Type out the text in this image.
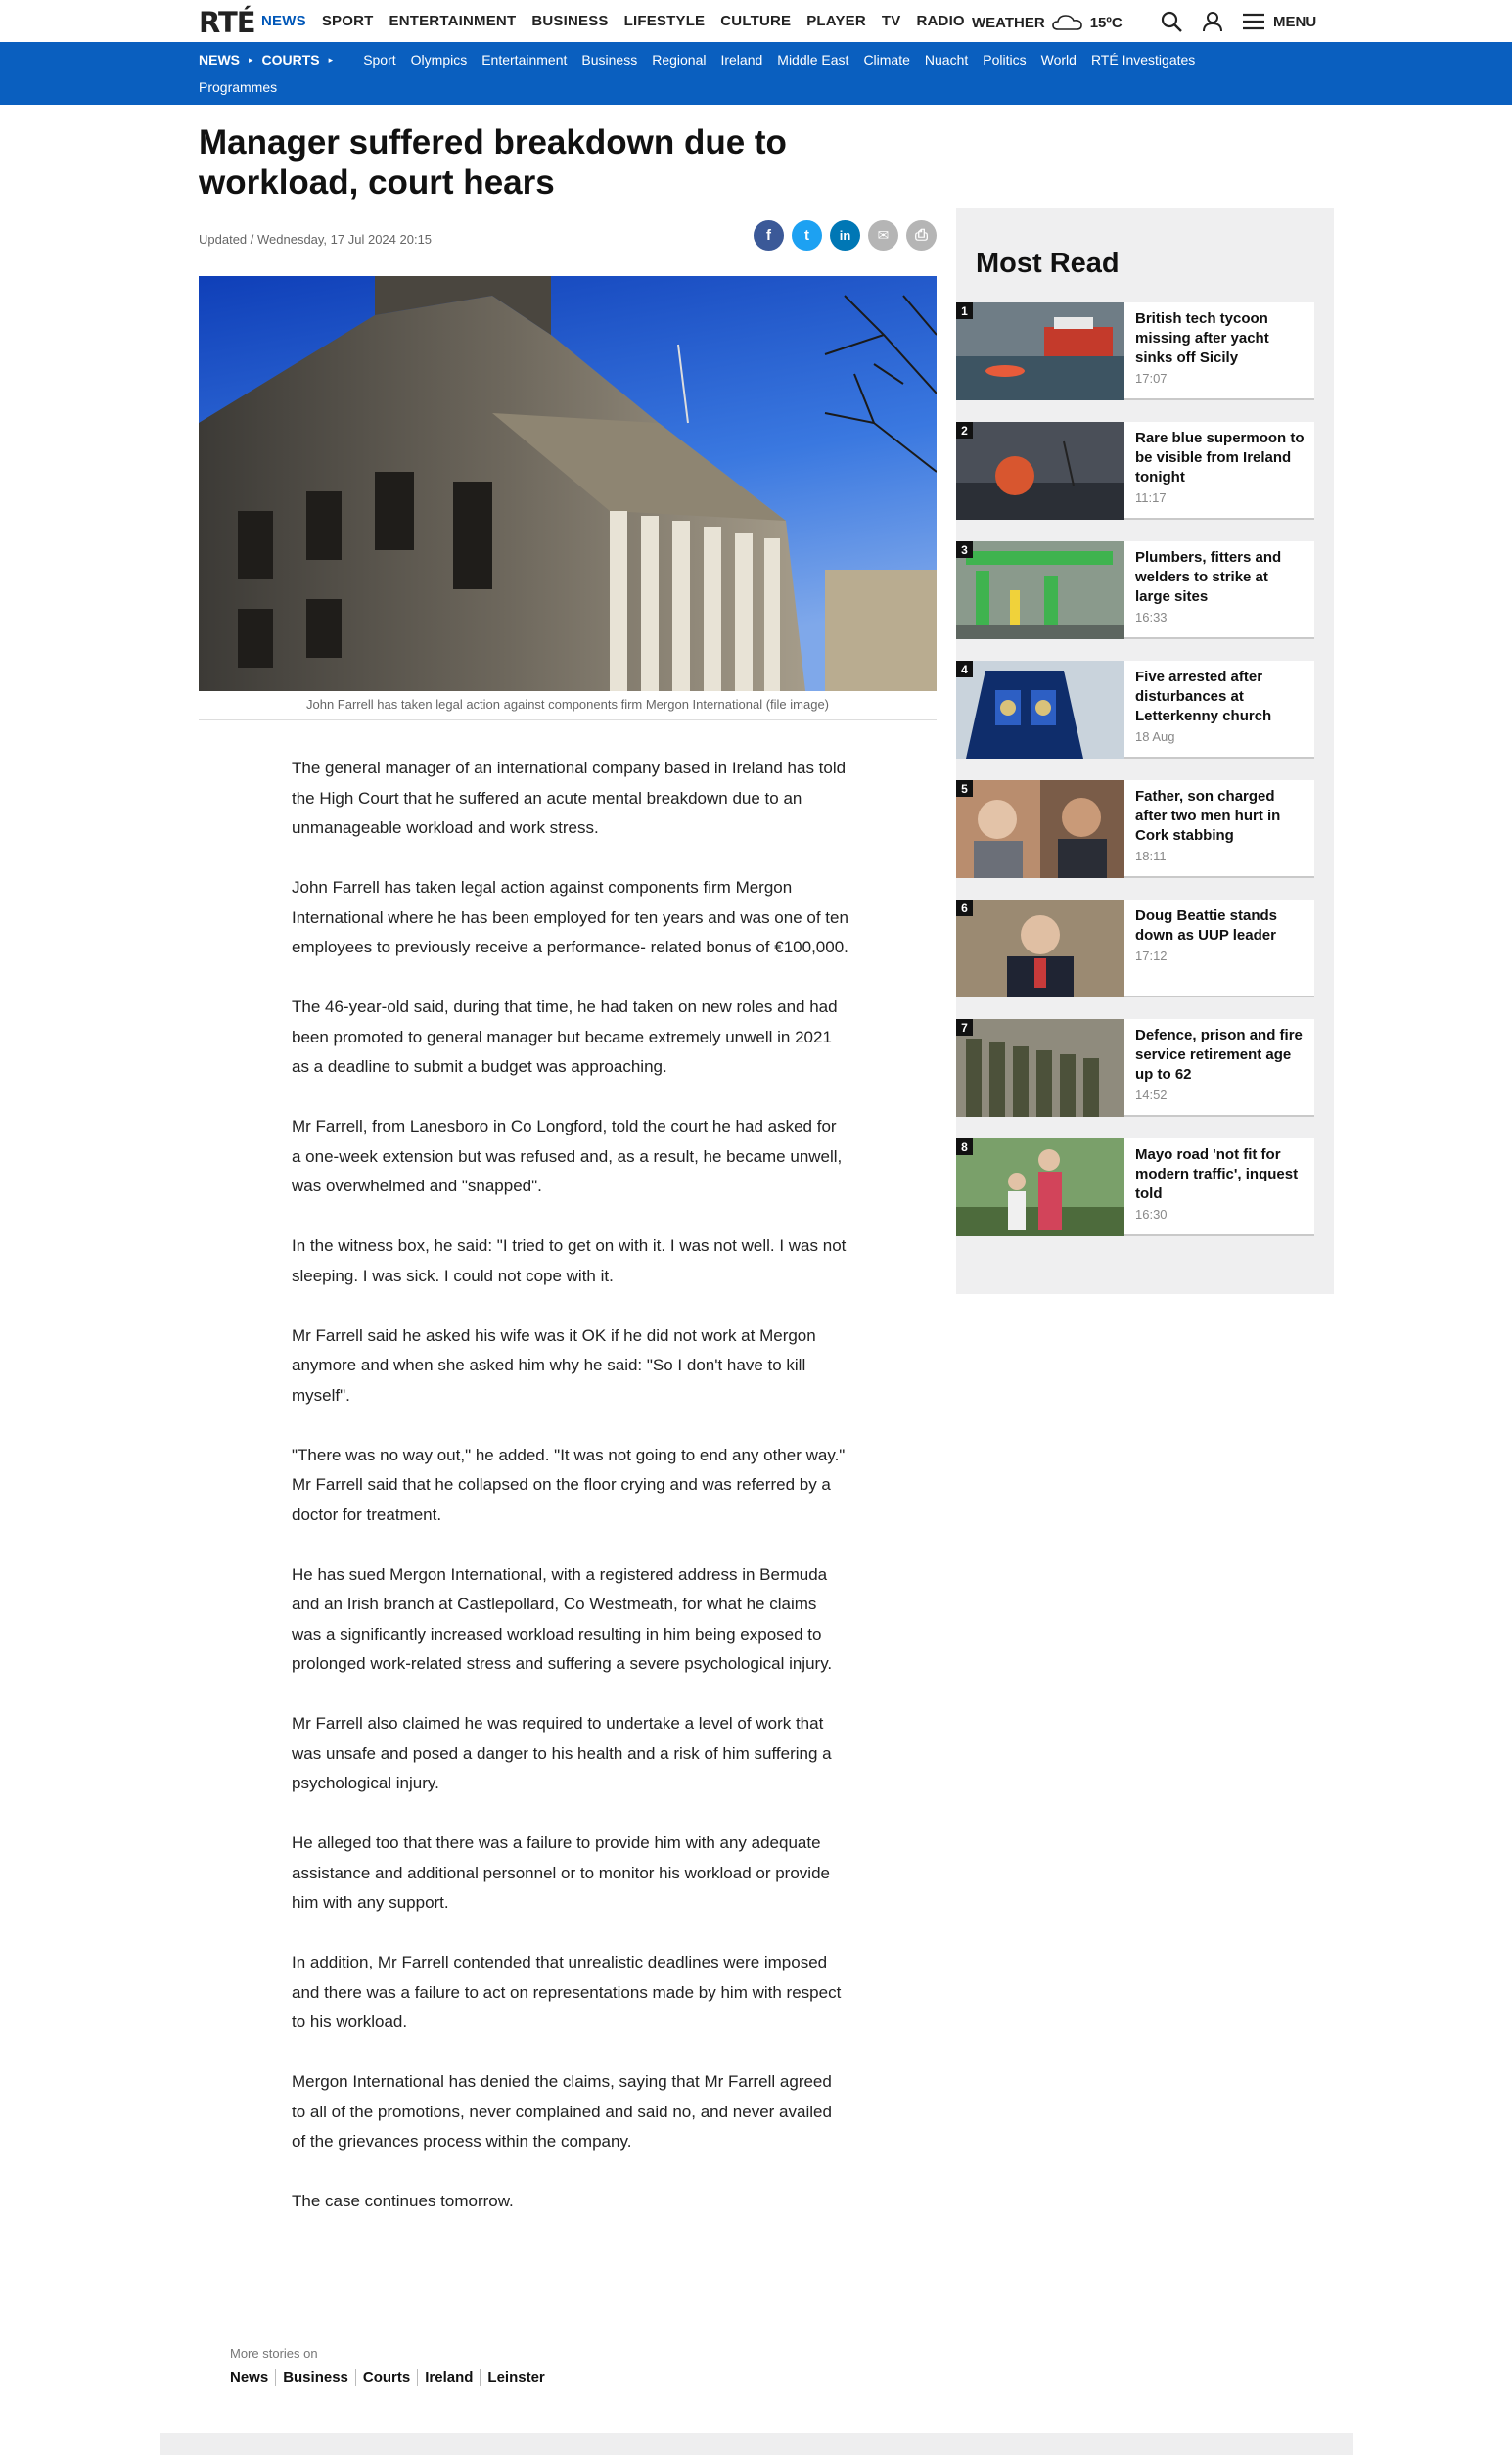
RTÉ NEWS SPORT ENTERTAINMENT BUSINESS LIFESTYLE CULTURE PLAYER TV RADIO WEATHER	15ºC	MENU
NEWS ▸ COURTS ▸ Sport Olympics Entertainment Business Regional Ireland Middle East Climate Nuacht Politics World RTÉ Investigates
Programmes
Manager suffered breakdown due to workload, court hears
Updated / Wednesday, 17 Jul 2024 20:15	f	t	in	✉	⎙
John Farrell has taken legal action against components firm Mergon International (file image)

The general manager of an international company based in Ireland has told the High Court that he suffered an acute mental breakdown due to an unmanageable workload and work stress.

John Farrell has taken legal action against components firm Mergon International where he has been employed for ten years and was one of ten employees to previously receive a performance- related bonus of €100,000.

The 46-year-old said, during that time, he had taken on new roles and had been promoted to general manager but became extremely unwell in 2021 as a deadline to submit a budget was approaching.

Mr Farrell, from Lanesboro in Co Longford, told the court he had asked for a one-week extension but was refused and, as a result, he became unwell, was overwhelmed and "snapped".

In the witness box, he said: "I tried to get on with it. I was not well. I was not sleeping. I was sick. I could not cope with it.

Mr Farrell said he asked his wife was it OK if he did not work at Mergon anymore and when she asked him why he said: "So I don't have to kill myself".

"There was no way out," he added. "It was not going to end any other way." Mr Farrell said that he collapsed on the floor crying and was referred by a doctor for treatment.

He has sued Mergon International, with a registered address in Bermuda and an Irish branch at Castlepollard, Co Westmeath, for what he claims was a significantly increased workload resulting in him being exposed to prolonged work-related stress and suffering a severe psychological injury.

Mr Farrell also claimed he was required to undertake a level of work that was unsafe and posed a danger to his health and a risk of him suffering a psychological injury.

He alleged too that there was a failure to provide him with any adequate assistance and additional personnel or to monitor his workload or provide him with any support.

In addition, Mr Farrell contended that unrealistic deadlines were imposed and there was a failure to act on representations made by him with respect to his workload.

Mergon International has denied the claims, saying that Mr Farrell agreed to all of the promotions, never complained and said no, and never availed of the grievances process within the company.

The case continues tomorrow.

More stories on
News	Business	Courts	Ireland	Leinster
Most Read
1	British tech tycoon missing after yacht sinks off Sicily
17:07
2	Rare blue supermoon to be visible from Ireland tonight
11:17
3	Plumbers, fitters and welders to strike at large sites
16:33
4	Five arrested after disturbances at Letterkenny church
18 Aug
5	Father, son charged after two men hurt in Cork stabbing
18:11
6	Doug Beattie stands down as UUP leader
17:12
7	Defence, prison and fire service retirement age up to 62
14:52
8	Mayo road 'not fit for modern traffic', inquest told
16:30
